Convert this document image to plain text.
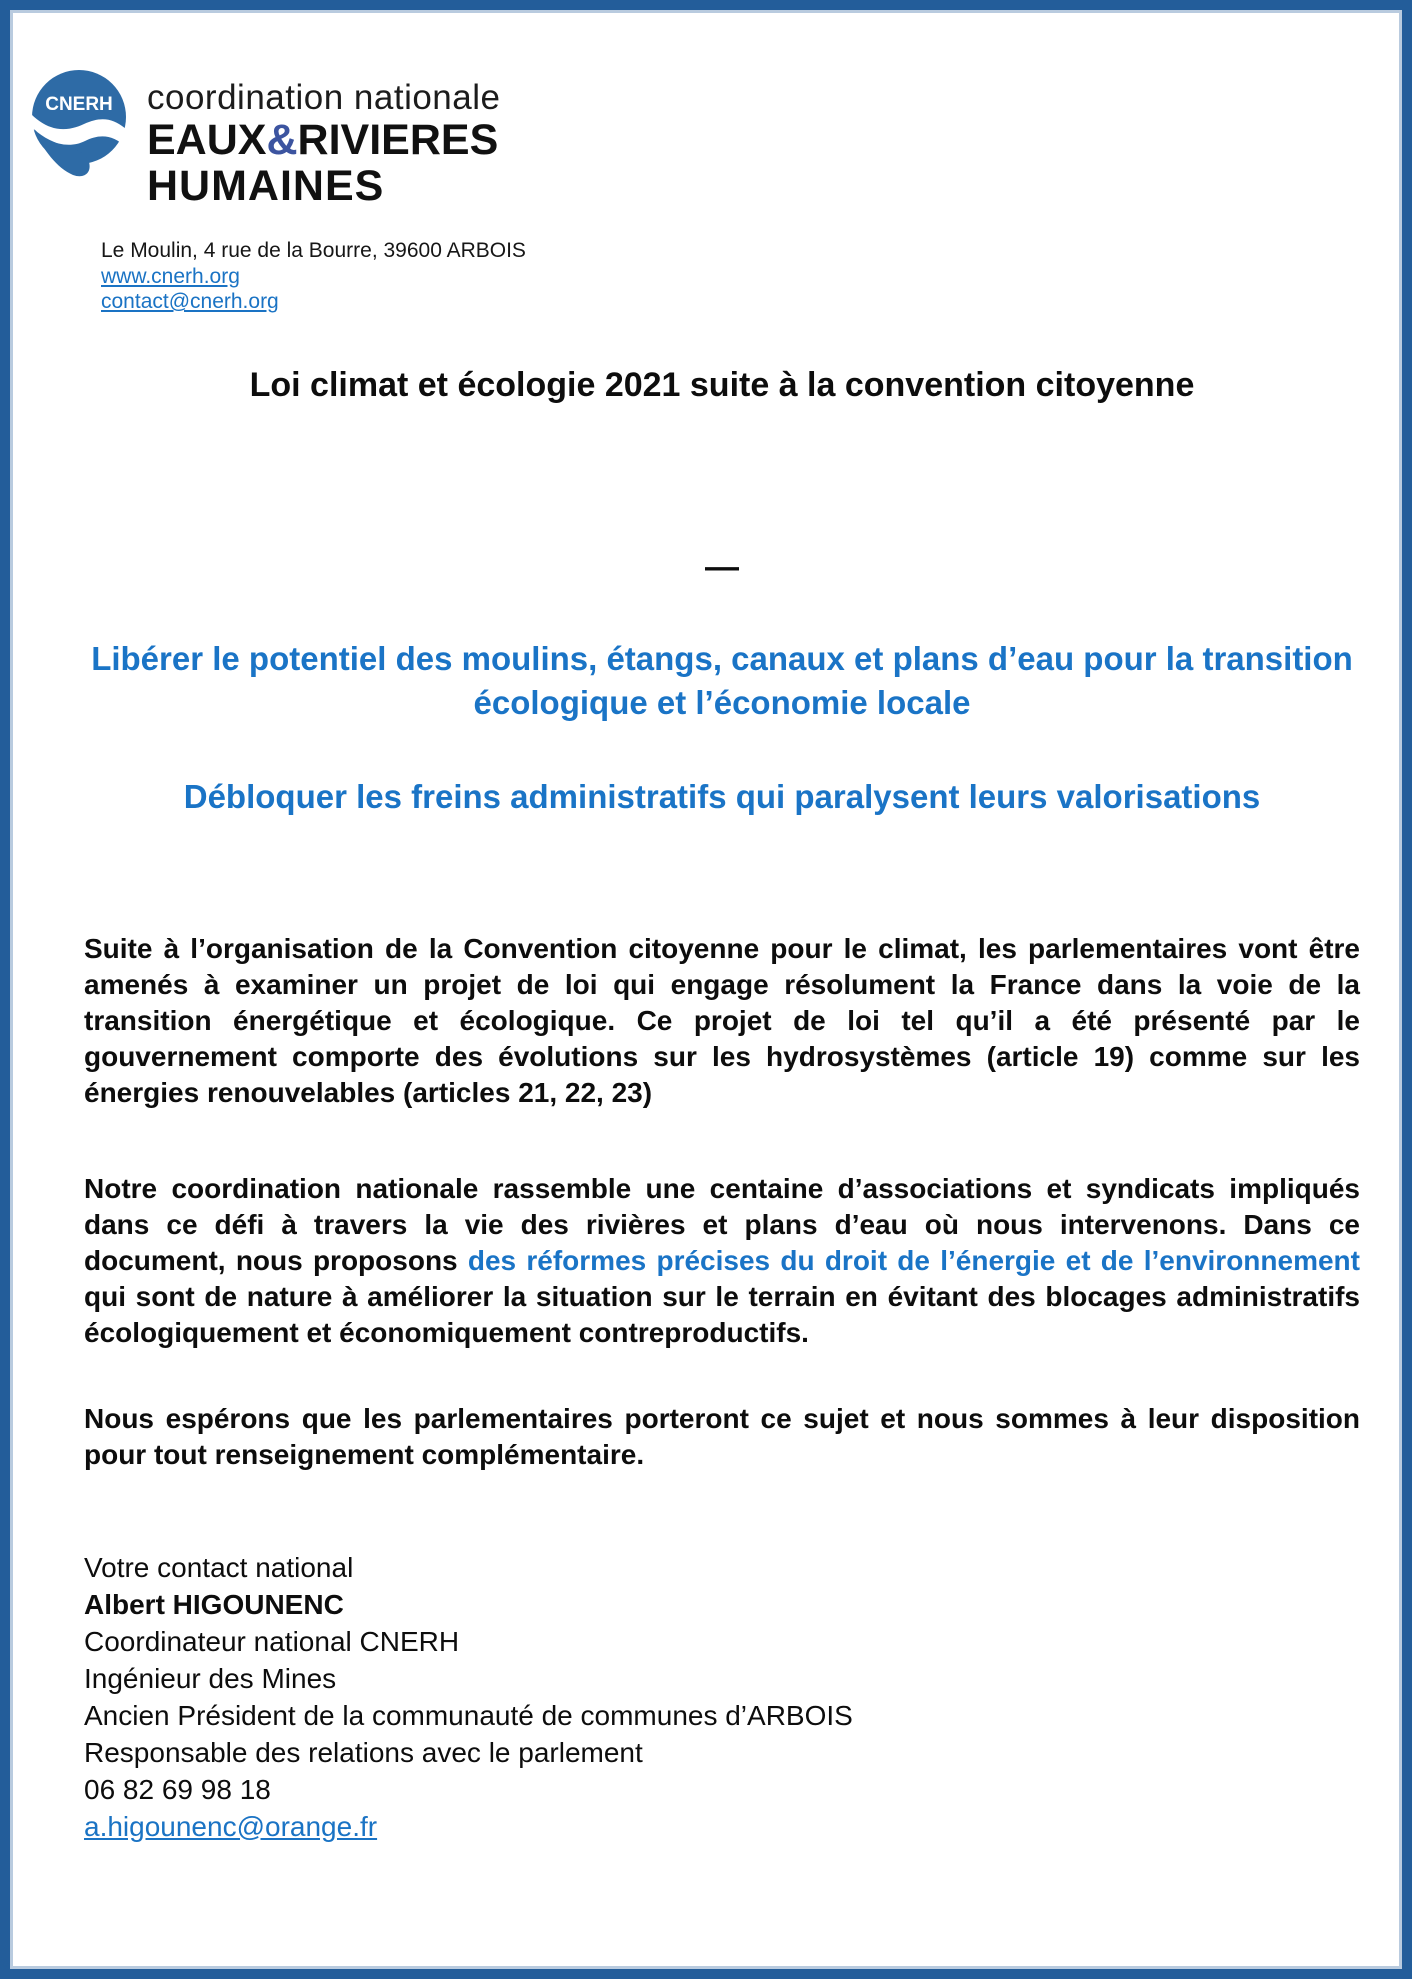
CNERH coordination nationale
EAUX&RIVIERES
HUMAINES
Le Moulin, 4 rue de la Bourre, 39600 ARBOIS
www.cnerh.org
contact@cnerh.org
Loi climat et écologie 2021 suite à la convention citoyenne
—
Libérer le potentiel des moulins, étangs, canaux et plans d’eau pour la transition écologique et l’économie locale
Débloquer les freins administratifs qui paralysent leurs valorisations

Suite à l’organisation de la Convention citoyenne pour le climat, les parlementaires vont être amenés à examiner un projet de loi qui engage résolument la France dans la voie de la transition énergétique et écologique. Ce projet de loi tel qu’il a été présenté par le gouvernement comporte des évolutions sur les hydrosystèmes (article 19) comme sur les énergies renouvelables (articles 21, 22, 23)

Notre coordination nationale rassemble une centaine d’associations et syndicats impliqués dans ce défi à travers la vie des rivières et plans d’eau où nous intervenons. Dans ce document, nous proposons des réformes précises du droit de l’énergie et de l’environnement qui sont de nature à améliorer la situation sur le terrain en évitant des blocages administratifs écologiquement et économiquement contreproductifs.

Nous espérons que les parlementaires porteront ce sujet et nous sommes à leur disposition pour tout renseignement complémentaire.

Votre contact national
Albert HIGOUNENC
Coordinateur national CNERH
Ingénieur des Mines
Ancien Président de la communauté de communes d’ARBOIS
Responsable des relations avec le parlement
06 82 69 98 18
a.higounenc@orange.fr
